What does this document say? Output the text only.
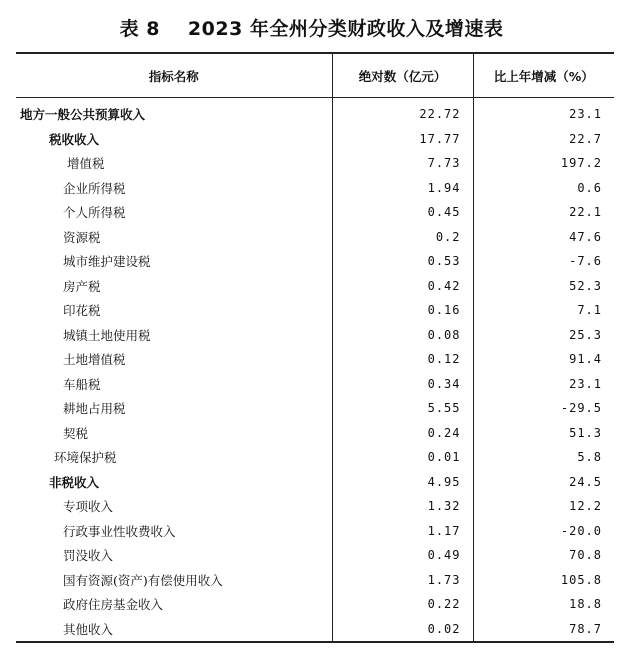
表 8 2023 年全州分类财政收入及增速表
指标名称	绝对数（亿元）	比上年增减（%）
地方一般公共预算收入	22.72	23.1
税收收入	17.77	22.7
增值税	7.73	197.2
企业所得税	1.94	0.6
个人所得税	0.45	22.1
资源税	0.2	47.6
城市维护建设税	0.53	-7.6
房产税	0.42	52.3
印花税	0.16	7.1
城镇土地使用税	0.08	25.3
土地增值税	0.12	91.4
车船税	0.34	23.1
耕地占用税	5.55	-29.5
契税	0.24	51.3
环境保护税	0.01	5.8
非税收入	4.95	24.5
专项收入	1.32	12.2
行政事业性收费收入	1.17	-20.0
罚没收入	0.49	70.8
国有资源(资产)有偿使用收入	1.73	105.8
政府住房基金收入	0.22	18.8
其他收入	0.02	78.7
